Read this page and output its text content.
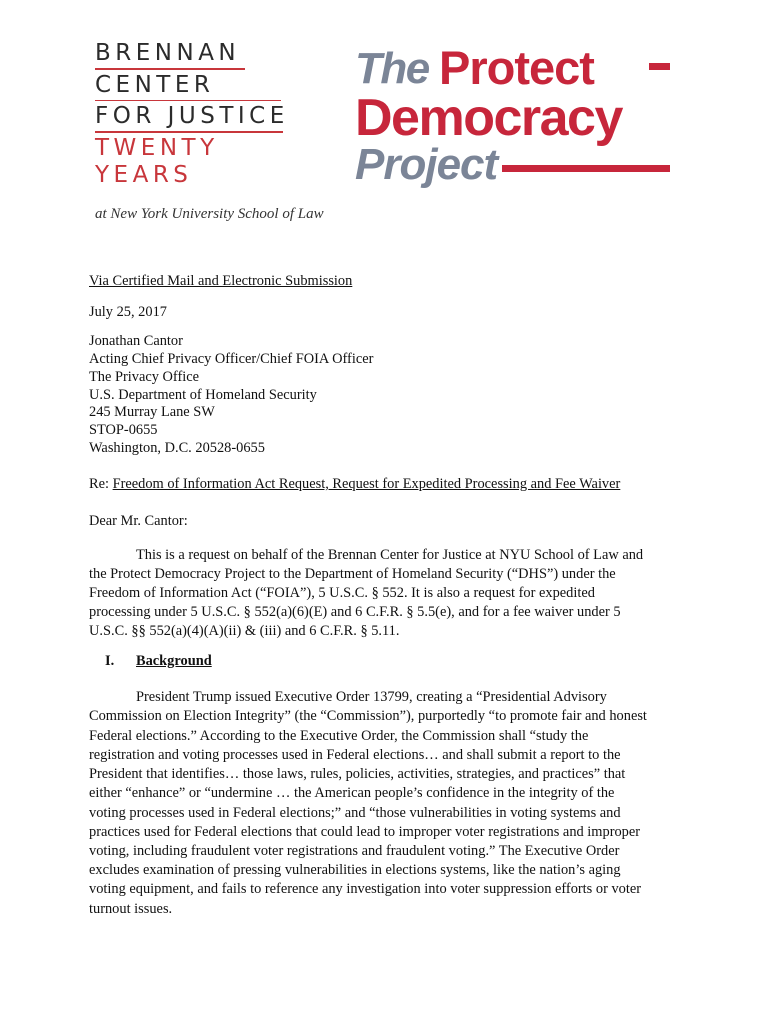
BRENNAN
CENTER
FOR JUSTICE
TWENTY
YEARS
at New York University School of Law
The Protect
Democracy
Project
Via Certified Mail and Electronic Submission
July 25, 2017
Jonathan Cantor
Acting Chief Privacy Officer/Chief FOIA Officer
The Privacy Office
U.S. Department of Homeland Security
245 Murray Lane SW
STOP-0655
Washington, D.C. 20528-0655
Re: Freedom of Information Act Request, Request for Expedited Processing and Fee Waiver
Dear Mr. Cantor:
This is a request on behalf of the Brennan Center for Justice at NYU School of Law and
the Protect Democracy Project to the Department of Homeland Security (“DHS”) under the
Freedom of Information Act (“FOIA”), 5 U.S.C. § 552. It is also a request for expedited
processing under 5 U.S.C. § 552(a)(6)(E) and 6 C.F.R. § 5.5(e), and for a fee waiver under 5
U.S.C. §§ 552(a)(4)(A)(ii) & (iii) and 6 C.F.R. § 5.11.
I. Background
President Trump issued Executive Order 13799, creating a “Presidential Advisory
Commission on Election Integrity” (the “Commission”), purportedly “to promote fair and honest
Federal elections.” According to the Executive Order, the Commission shall “study the
registration and voting processes used in Federal elections… and shall submit a report to the
President that identifies… those laws, rules, policies, activities, strategies, and practices” that
either “enhance” or “undermine … the American people’s confidence in the integrity of the
voting processes used in Federal elections;” and “those vulnerabilities in voting systems and
practices used for Federal elections that could lead to improper voter registrations and improper
voting, including fraudulent voter registrations and fraudulent voting.” The Executive Order
excludes examination of pressing vulnerabilities in elections systems, like the nation’s aging
voting equipment, and fails to reference any investigation into voter suppression efforts or voter
turnout issues.
